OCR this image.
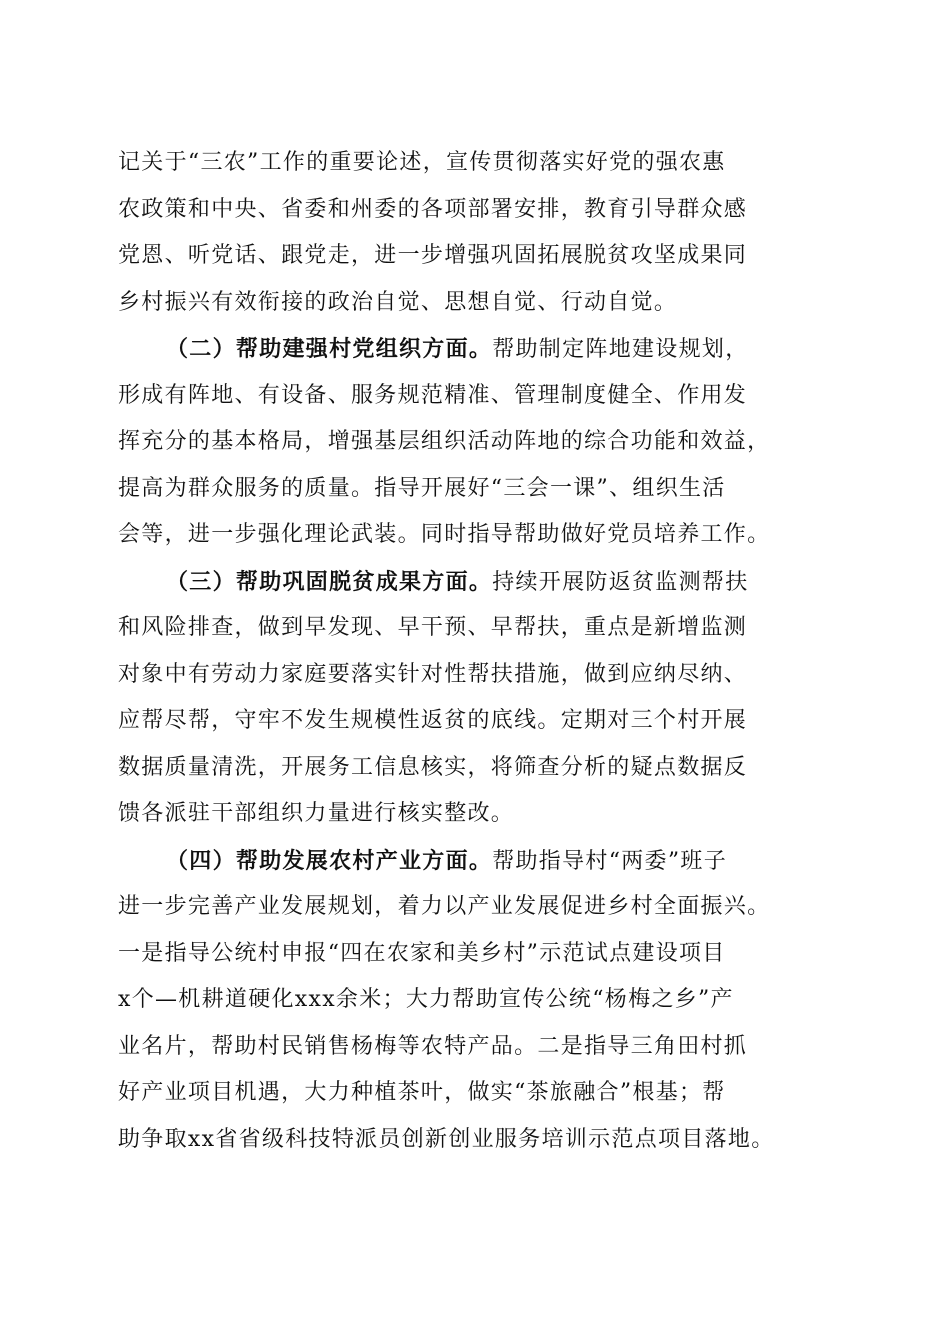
记关于“三农”工作的重要论述，宣传贯彻落实好党的强农惠
农政策和中央、省委和州委的各项部署安排，教育引导群众感
党恩、听党话、跟党走，进一步增强巩固拓展脱贫攻坚成果同
乡村振兴有效衔接的政治自觉、思想自觉、行动自觉。
（二）帮助建强村党组织方面。帮助制定阵地建设规划，
形成有阵地、有设备、服务规范精准、管理制度健全、作用发
挥充分的基本格局，增强基层组织活动阵地的综合功能和效益，
提高为群众服务的质量。指导开展好“三会一课”、组织生活
会等，进一步强化理论武装。同时指导帮助做好党员培养工作。
（三）帮助巩固脱贫成果方面。持续开展防返贫监测帮扶
和风险排查，做到早发现、早干预、早帮扶，重点是新增监测
对象中有劳动力家庭要落实针对性帮扶措施，做到应纳尽纳、
应帮尽帮，守牢不发生规模性返贫的底线。定期对三个村开展
数据质量清洗，开展务工信息核实，将筛查分析的疑点数据反
馈各派驻干部组织力量进行核实整改。
（四）帮助发展农村产业方面。帮助指导村“两委”班子
进一步完善产业发展规划，着力以产业发展促进乡村全面振兴。
一是指导公统村申报“四在农家和美乡村”示范试点建设项目
x个—机耕道硬化xxx余米；大力帮助宣传公统“杨梅之乡”产
业名片，帮助村民销售杨梅等农特产品。二是指导三角田村抓
好产业项目机遇，大力种植茶叶，做实“茶旅融合”根基；帮
助争取xx省省级科技特派员创新创业服务培训示范点项目落地。
